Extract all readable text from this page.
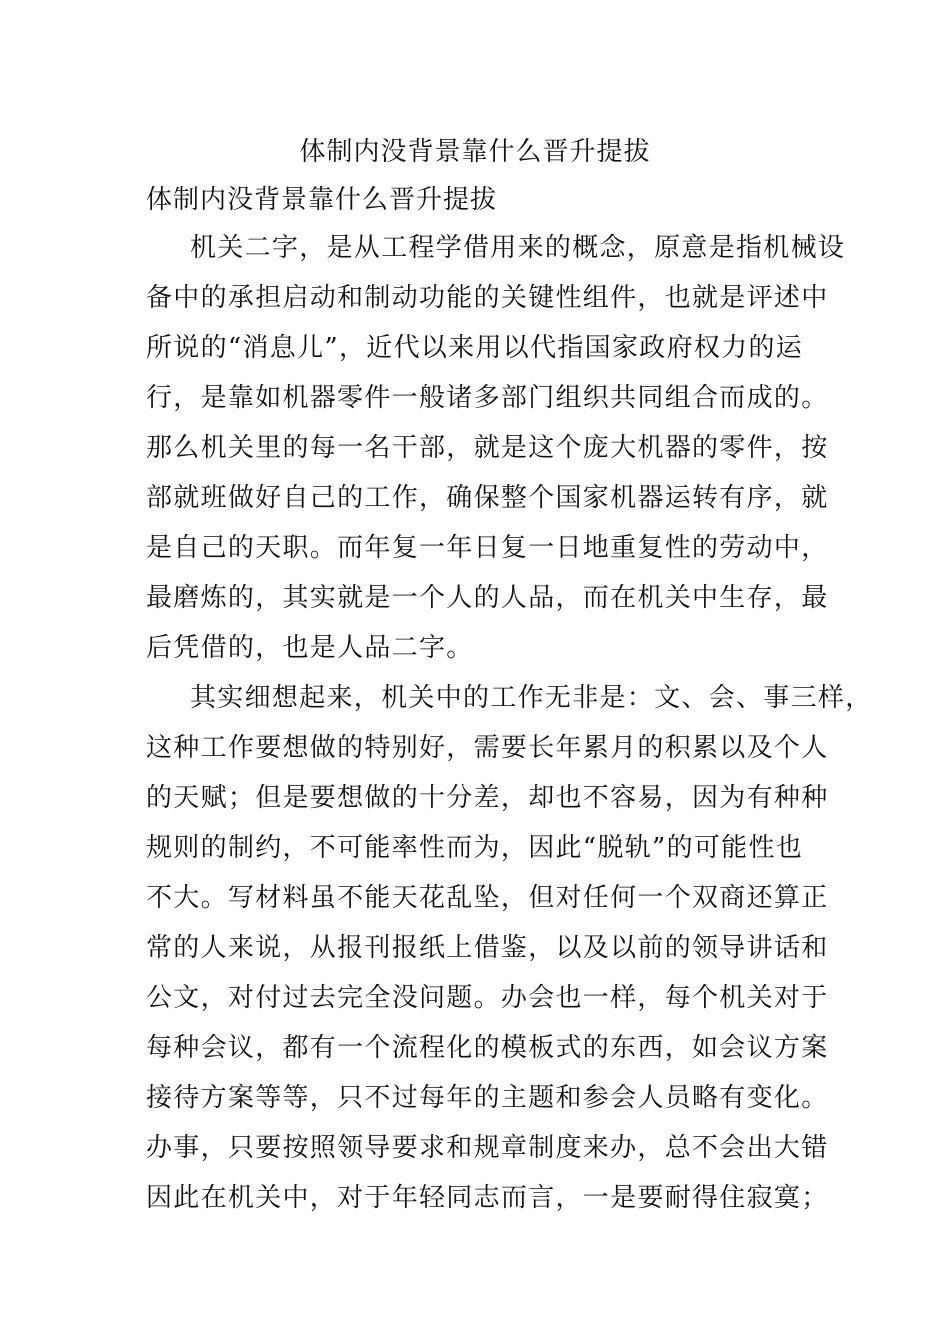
体制内没背景靠什么晋升提拔
体制内没背景靠什么晋升提拔
机关二字，是从工程学借用来的概念，原意是指机械设
备中的承担启动和制动功能的关键性组件，也就是评述中
所说的“消息儿”，近代以来用以代指国家政府权力的运
行，是靠如机器零件一般诸多部门组织共同组合而成的。
那么机关里的每一名干部，就是这个庞大机器的零件，按
部就班做好自己的工作，确保整个国家机器运转有序，就
是自己的天职。而年复一年日复一日地重复性的劳动中，
最磨炼的，其实就是一个人的人品，而在机关中生存，最
后凭借的，也是人品二字。
其实细想起来，机关中的工作无非是：文、会、事三样，
这种工作要想做的特别好，需要长年累月的积累以及个人
的天赋；但是要想做的十分差，却也不容易，因为有种种
规则的制约，不可能率性而为，因此“脱轨”的可能性也
不大。写材料虽不能天花乱坠，但对任何一个双商还算正
常的人来说，从报刊报纸上借鉴，以及以前的领导讲话和
公文，对付过去完全没问题。办会也一样，每个机关对于
每种会议，都有一个流程化的模板式的东西，如会议方案
接待方案等等，只不过每年的主题和参会人员略有变化。
办事，只要按照领导要求和规章制度来办，总不会出大错
因此在机关中，对于年轻同志而言，一是要耐得住寂寞；
